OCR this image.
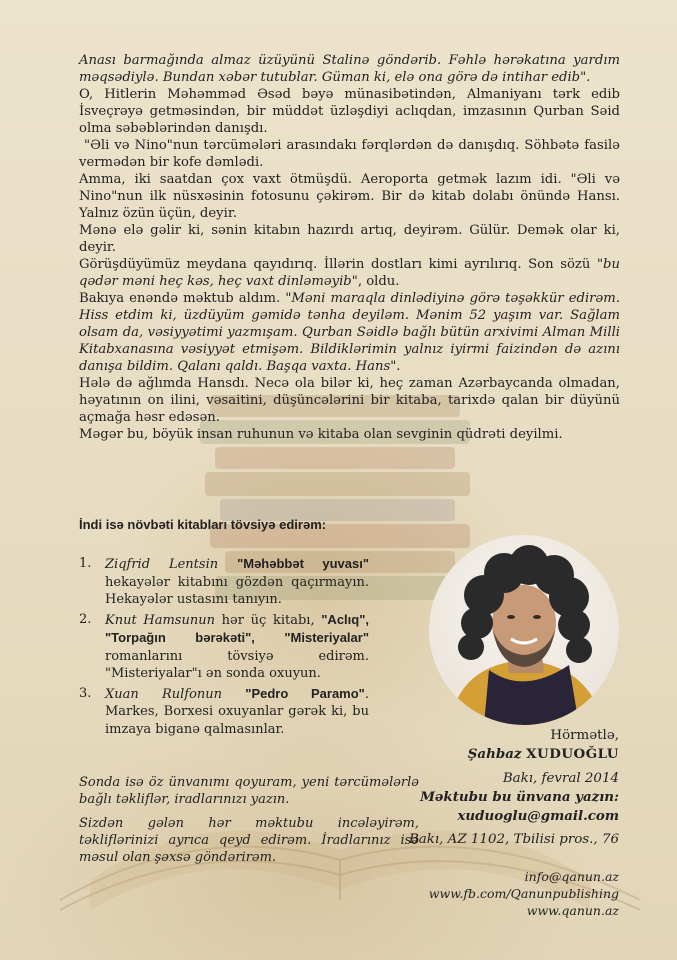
Anası barmağında almaz üzüyünü Stalinə göndərib. Fəhlə hərəkatına yardım məqsədiylə. Bundan xəbər tutublar. Güman ki, elə ona görə də intihar edib".

O, Hitlerin Məhəmməd Əsəd bəyə münasibətindən, Almaniyanı tərk edib İsveçrəyə getməsindən, bir müddət üzləşdiyi aclıqdan, imzasının Qurban Səid olma səbəblərindən danışdı.

"Əli və Nino"nun tərcümələri arasındakı fərqlərdən də danışdıq. Söhbətə fasilə vermədən bir kofe dəmlədi.

Amma, iki saatdan çox vaxt ötmüşdü. Aeroporta getmək lazım idi. "Əli və Nino"nun ilk nüsxəsinin fotosunu çəkirəm. Bir də kitab dolabı önündə Hansı. Yalnız özün üçün, deyir.

Mənə elə gəlir ki, sənin kitabın hazırdı artıq, deyirəm. Gülür. Demək olar ki, deyir.

Görüşdüyümüz meydana qayıdırıq. İllərin dostları kimi ayrılırıq. Son sözü "bu qədər məni heç kəs, heç vaxt dinləməyib", oldu.

Bakıya enəndə məktub aldım. "Məni maraqla dinlədiyinə görə təşəkkür edirəm. Hiss etdim ki, üzdüyüm gəmidə tənha deyiləm. Mənim 52 yaşım var. Sağlam olsam da, vəsiyyətimi yazmışam. Qurban Səidlə bağlı bütün arxivimi Alman Milli Kitabxanasına vəsiyyət etmişəm. Bildiklərimin yalnız iyirmi faizindən də azını danışa bildim. Qalanı qaldı. Başqa vaxta. Hans".

Hələ də ağlımda Hansdı. Necə ola bilər ki, heç zaman Azərbaycanda olmadan, həyatının on ilini, vəsaitini, düşüncələrini bir kitaba, tarixdə qalan bir düyünü açmağa həsr edəsən.

Məgər bu, böyük insan ruhunun və kitaba olan sevginin qüdrəti deyilmi.

İndi isə növbəti kitabları tövsiyə edirəm:
1. Ziqfrid Lentsin "Məhəbbət yuvası" hekayələr kitabını gözdən qaçırmayın. Hekayələr ustasını tanıyın.
2. Knut Hamsunun hər üç kitabı, "Aclıq", "Torpağın bərəkəti", "Misteriyalar" romanlarını tövsiyə edirəm. "Misteriyalar"ı ən sonda oxuyun.
3. Xuan Rulfonun "Pedro Paramo". Markes, Borxesi oxuyanlar gərək ki, bu imzaya biganə qalmasınlar.	Hörmətlə,
Şahbaz XUDUOĞLU
Bakı, fevral 2014
Məktubu bu ünvana yazın:
xuduoglu@gmail.com
Bakı, AZ 1102, Tbilisi pros., 76
Sonda isə öz ünvanımı qoyuram, yeni tərcümələrlə bağlı təkliflər, iradlarınızı yazın.
Sizdən gələn hər məktubu incələyirəm, təkliflərinizi ayrıca qeyd edirəm. İradlarınız isə məsul olan şəxsə göndərirəm.
info@qanun.az
www.fb.com/Qanunpublishing
www.qanun.az
